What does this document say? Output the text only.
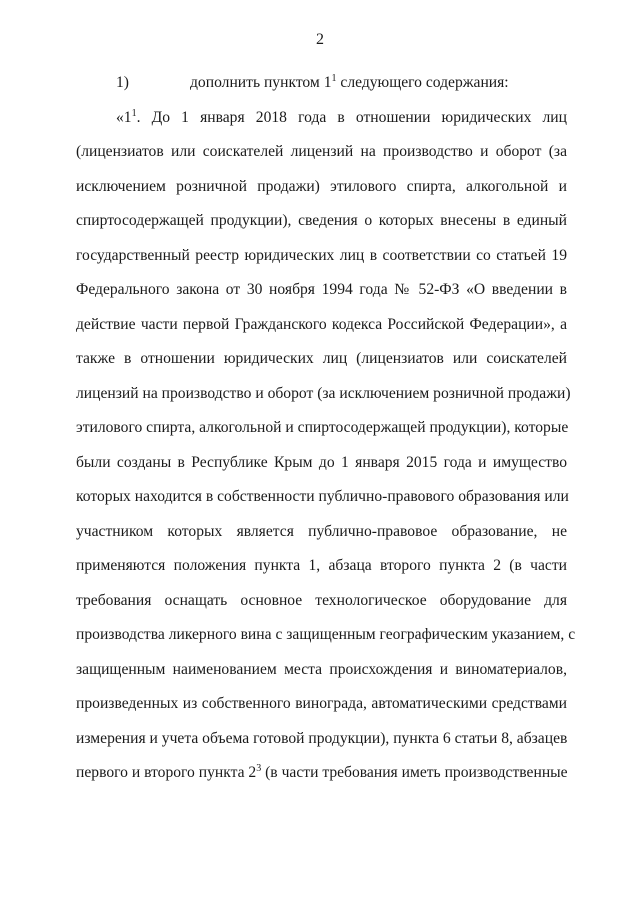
2
1)	дополнить пунктом $1^1$ следующего содержания:
«$1^1$. До 1 января 2018 года в отношении юридических лиц
(лицензиатов или соискателей лицензий на производство и оборот (за
исключением розничной продажи) этилового спирта, алкогольной и
спиртосодержащей продукции), сведения о которых внесены в единый
государственный реестр юридических лиц в соответствии со статьей 19
Федерального закона от 30 ноября 1994 года № 52-ФЗ «О введении в
действие части первой Гражданского кодекса Российской Федерации», а
также в отношении юридических лиц (лицензиатов или соискателей
лицензий на производство и оборот (за исключением розничной продажи)
этилового спирта, алкогольной и спиртосодержащей продукции), которые
были созданы в Республике Крым до 1 января 2015 года и имущество
которых находится в собственности публично-правового образования или
участником которых является публично-правовое образование, не
применяются положения пункта 1, абзаца второго пункта 2 (в части
требования оснащать основное технологическое оборудование для
производства ликерного вина с защищенным географическим указанием, с
защищенным наименованием места происхождения и виноматериалов,
произведенных из собственного винограда, автоматическими средствами
измерения и учета объема готовой продукции), пункта 6 статьи 8, абзацев
первого и второго пункта $2^3$ (в части требования иметь производственные
